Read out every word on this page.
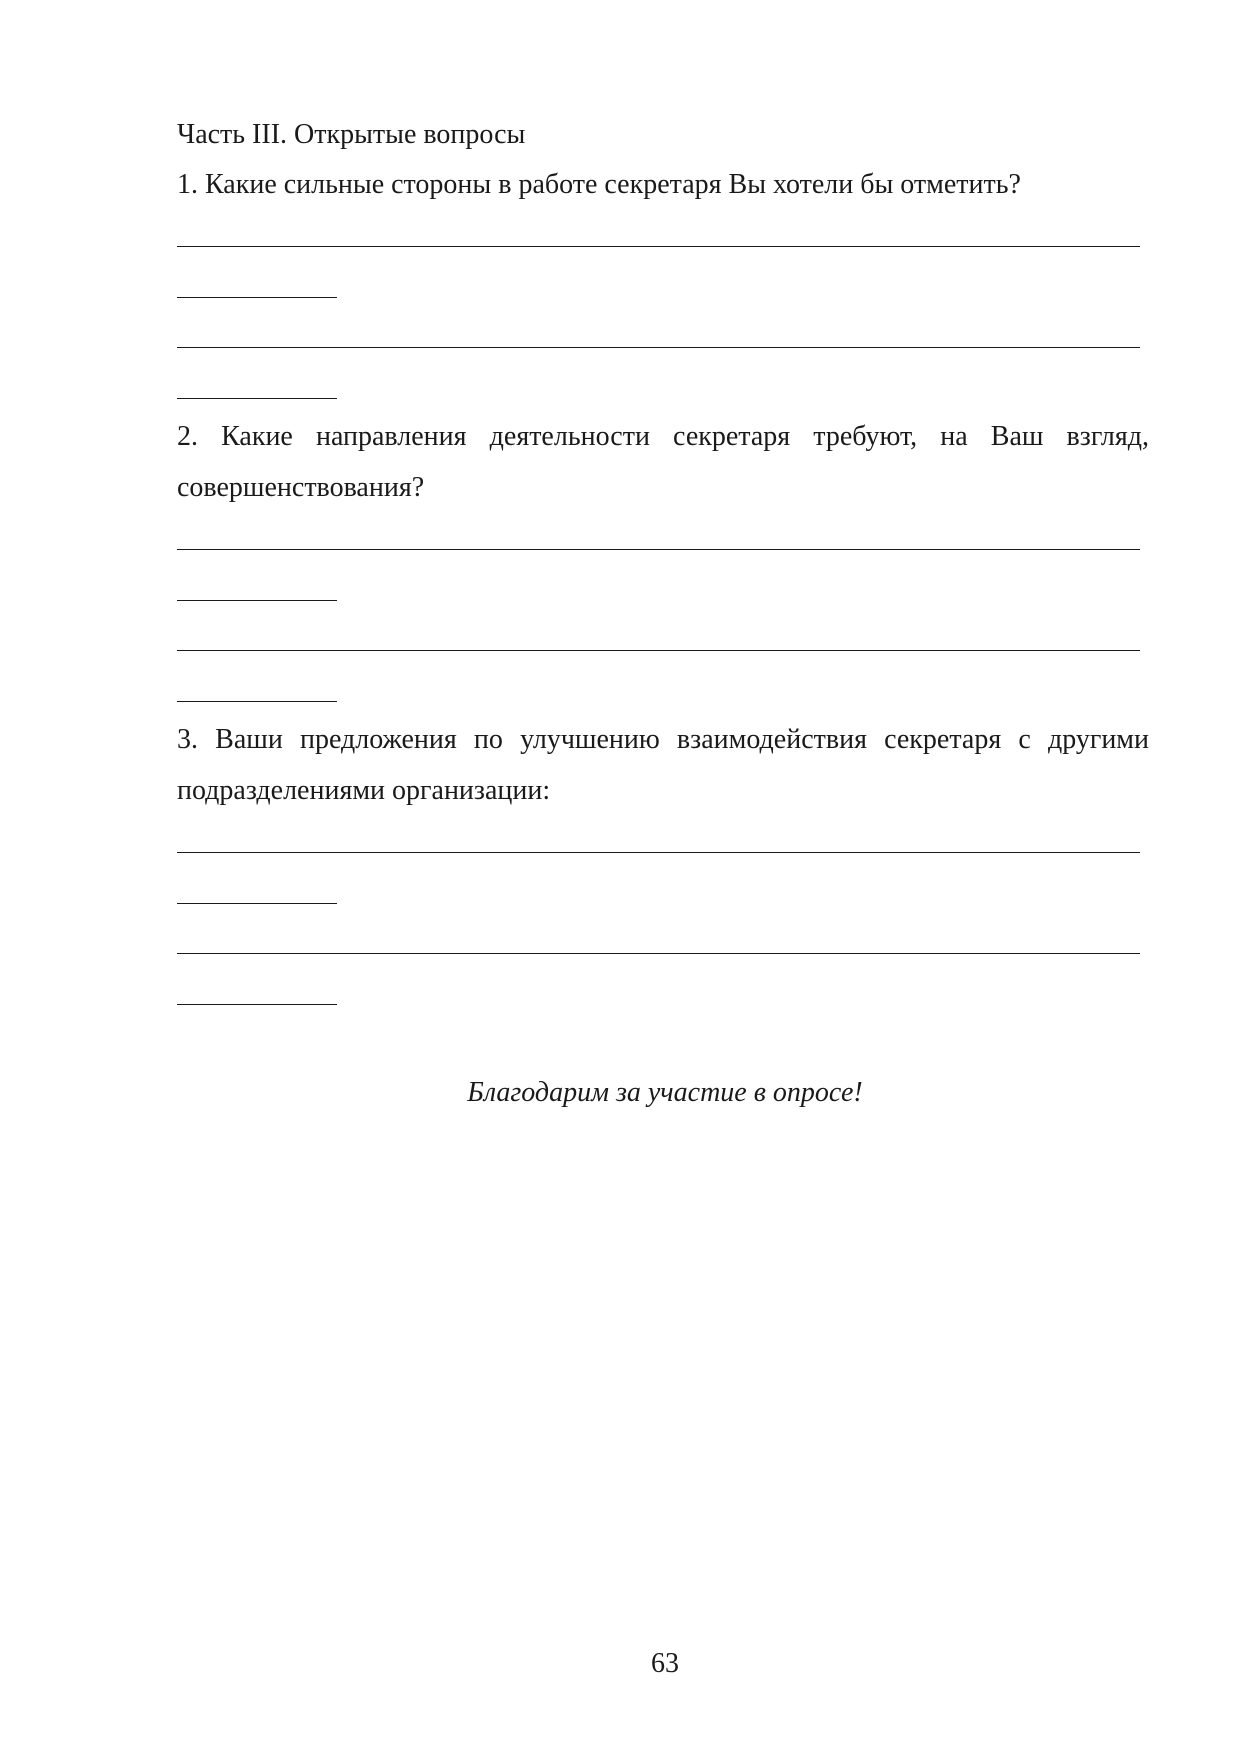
Часть III. Открытые вопросы
1. Какие сильные стороны в работе секретаря Вы хотели бы отметить?
2. Какие направления деятельности секретаря требуют, на Ваш взгляд,
совершенствования?
3. Ваши предложения по улучшению взаимодействия секретаря с другими
подразделениями организации:
Благодарим за участие в опросе!
63
